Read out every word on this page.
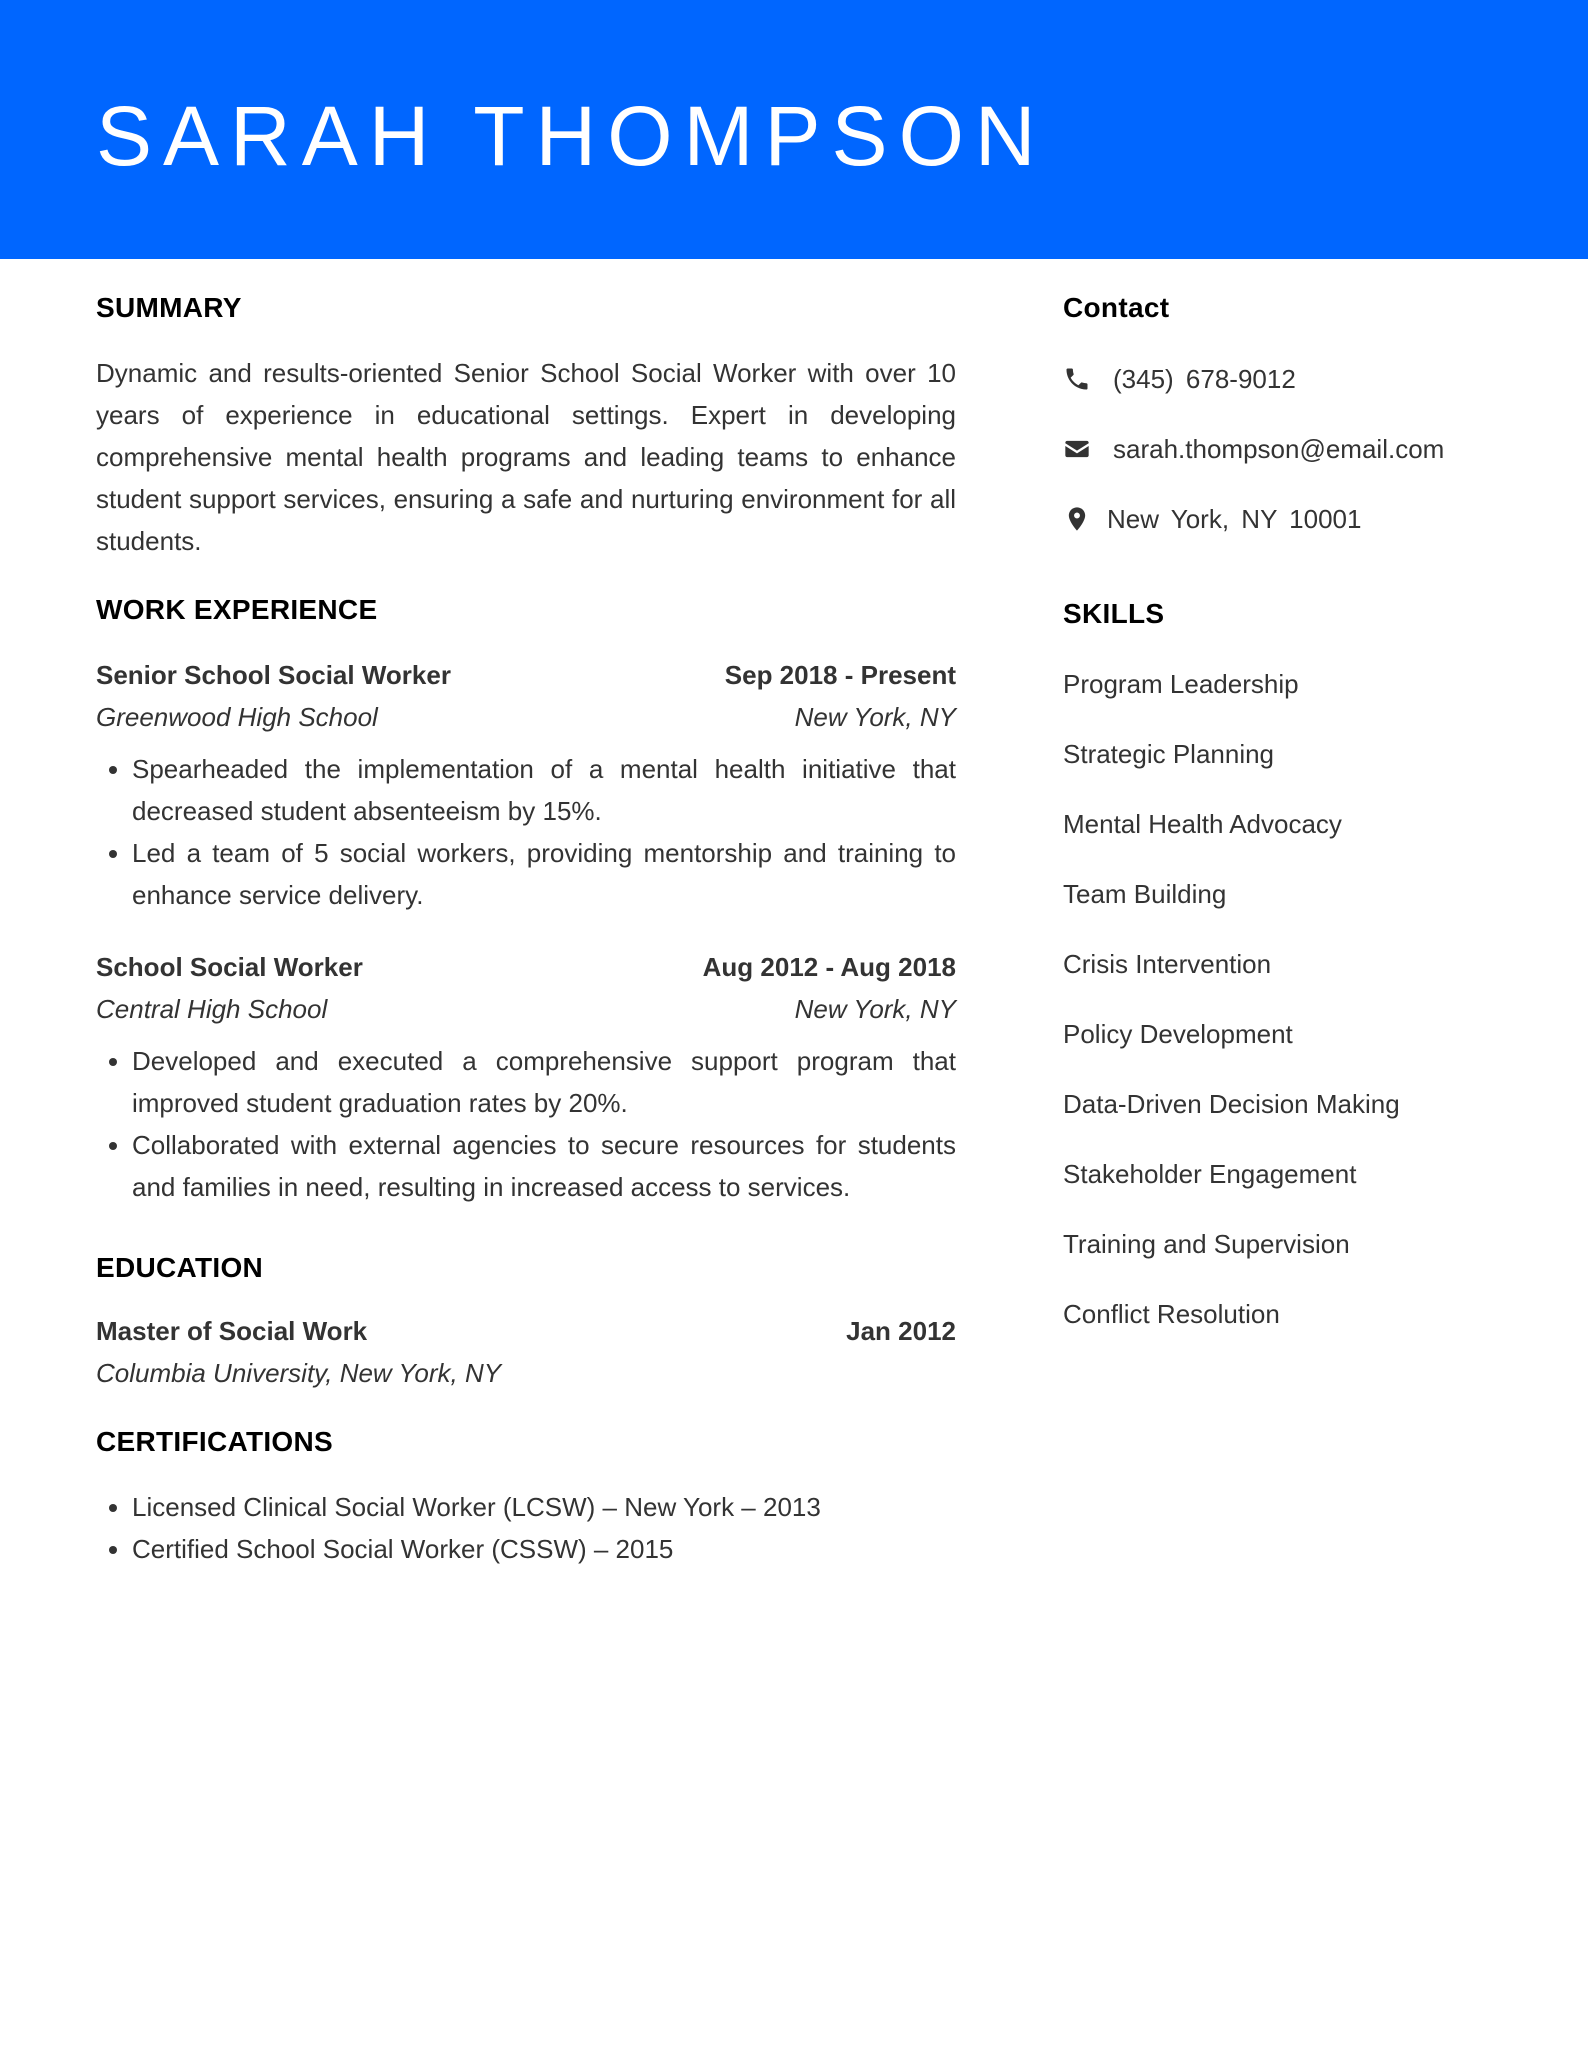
SARAH THOMPSON
SUMMARY

Dynamic and results-oriented Senior School Social Worker with over 10 years of experience in educational settings. Expert in developing comprehensive mental health programs and leading teams to enhance student support services, ensuring a safe and nurturing environment for all students.

WORK EXPERIENCE
Senior School Social Worker	Sep 2018 - Present
Greenwood High School	New York, NY
• Spearheaded the implementation of a mental health initiative that decreased student absenteeism by 15%.
• Led a team of 5 social workers, providing mentorship and training to enhance service delivery.
School Social Worker	Aug 2012 - Aug 2018
Central High School	New York, NY
• Developed and executed a comprehensive support program that improved student graduation rates by 20%.
• Collaborated with external agencies to secure resources for students and families in need, resulting in increased access to services.
EDUCATION
Master of Social Work	Jan 2012
Columbia University, New York, NY
CERTIFICATIONS
• Licensed Clinical Social Worker (LCSW) – New York – 2013
• Certified School Social Worker (CSSW) – 2015
Contact
(345) 678-9012
sarah.thompson@email.com
New York, NY 10001
SKILLS
Program Leadership
Strategic Planning
Mental Health Advocacy
Team Building
Crisis Intervention
Policy Development
Data-Driven Decision Making
Stakeholder Engagement
Training and Supervision
Conflict Resolution
